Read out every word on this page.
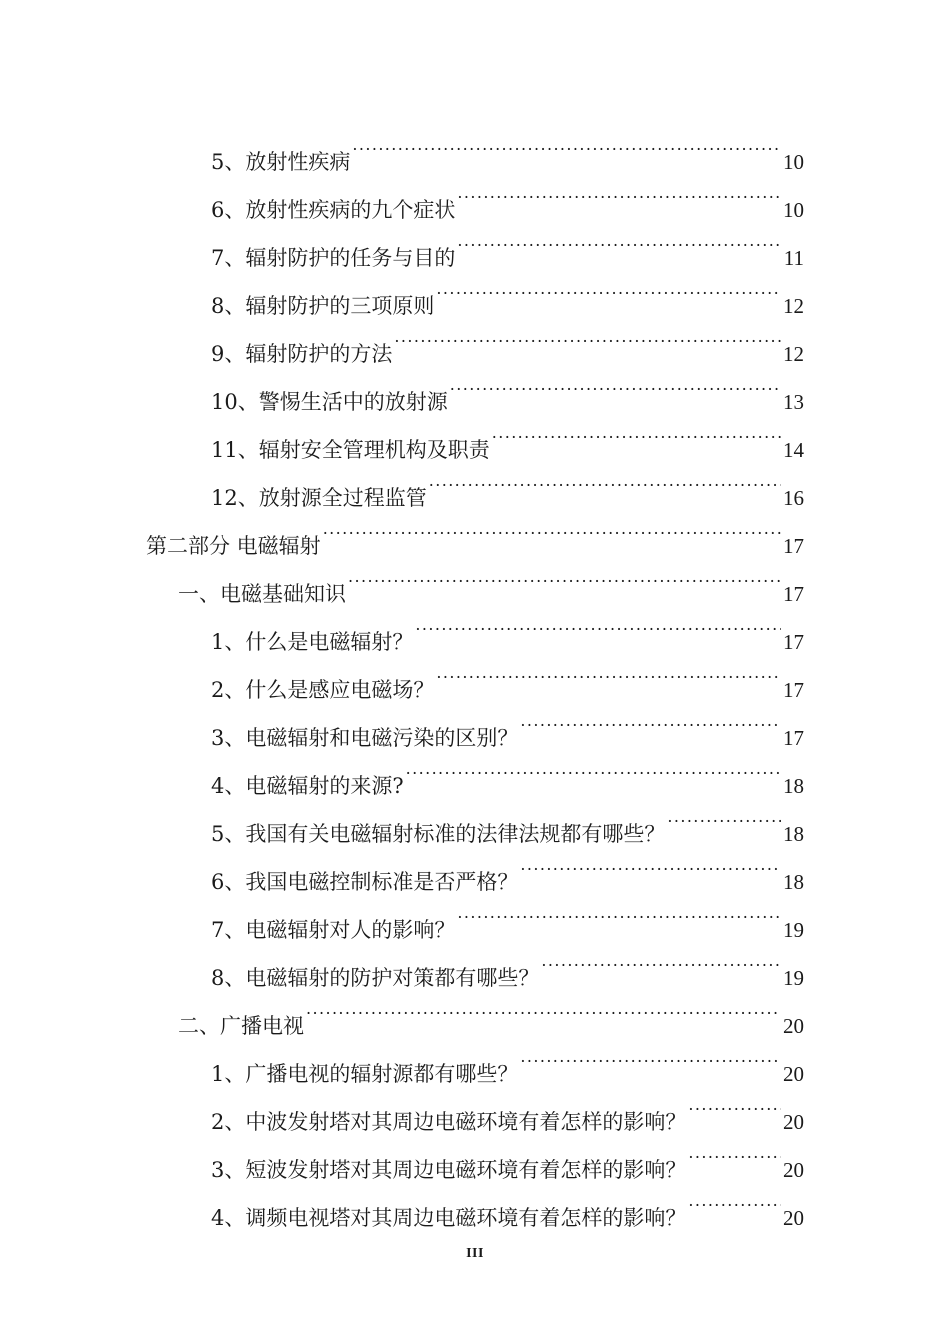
5、放射性疾病 .....	10
6、放射性疾病的九个症状 .....	10
7、辐射防护的任务与目的 .....	11
8、辐射防护的三项原则 .....	12
9、辐射防护的方法 .....	12
10、警惕生活中的放射源 .....	13
11、辐射安全管理机构及职责 .....	14
12、放射源全过程监管 .....	16
第二部分 电磁辐射 .....	17
一、电磁基础知识 .....	17
1、什么是电磁辐射？ .....	17
2、什么是感应电磁场？ .....	17
3、电磁辐射和电磁污染的区别？ .....	17
4、电磁辐射的来源? .....	18
5、我国有关电磁辐射标准的法律法规都有哪些？ .....	18
6、我国电磁控制标准是否严格？ .....	18
7、电磁辐射对人的影响？ .....	19
8、电磁辐射的防护对策都有哪些？ .....	19
二、广播电视 .....	20
1、广播电视的辐射源都有哪些？ .....	20
2、中波发射塔对其周边电磁环境有着怎样的影响？ .....	20
3、短波发射塔对其周边电磁环境有着怎样的影响？ .....	20
4、调频电视塔对其周边电磁环境有着怎样的影响？ .....	20
III
